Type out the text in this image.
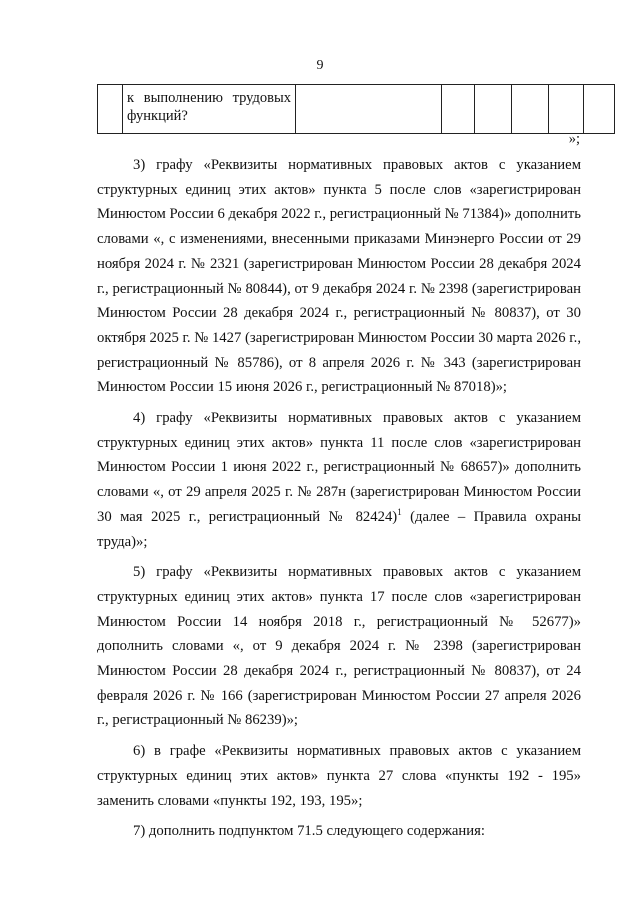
9
	к выполнению трудовых функций?						
»;

3) графу «Реквизиты нормативных правовых актов с указанием структурных единиц этих актов» пункта 5 после слов «зарегистрирован Минюстом России 6 декабря 2022 г., регистрационный № 71384)» дополнить словами «, с изменениями, внесенными приказами Минэнерго России от 29 ноября 2024 г. № 2321 (зарегистрирован Минюстом России 28 декабря 2024 г., регистрационный № 80844), от 9 декабря 2024 г. № 2398 (зарегистрирован Минюстом России 28 декабря 2024 г., регистрационный № 80837), от 30 октября 2025 г. № 1427 (зарегистрирован Минюстом России 30 марта 2026 г., регистрационный № 85786), от 8 апреля 2026 г. № 343 (зарегистрирован Минюстом России 15 июня 2026 г., регистрационный № 87018)»;

4) графу «Реквизиты нормативных правовых актов с указанием структурных единиц этих актов» пункта 11 после слов «зарегистрирован Минюстом России 1 июня 2022 г., регистрационный № 68657)» дополнить словами «, от 29 апреля 2025 г. № 287н (зарегистрирован Минюстом России 30 мая 2025 г., регистрационный № 82424)$^1$ (далее – Правила охраны труда)»;

5) графу «Реквизиты нормативных правовых актов с указанием структурных единиц этих актов» пункта 17 после слов «зарегистрирован Минюстом России 14 ноября 2018 г., регистрационный № 52677)» дополнить словами «, от 9 декабря 2024 г. № 2398 (зарегистрирован Минюстом России 28 декабря 2024 г., регистрационный № 80837), от 24 февраля 2026 г. № 166 (зарегистрирован Минюстом России 27 апреля 2026 г., регистрационный № 86239)»;

6) в графе «Реквизиты нормативных правовых актов с указанием структурных единиц этих актов» пункта 27 слова «пункты 192 - 195» заменить словами «пункты 192, 193, 195»;

7) дополнить подпунктом 71.5 следующего содержания:
